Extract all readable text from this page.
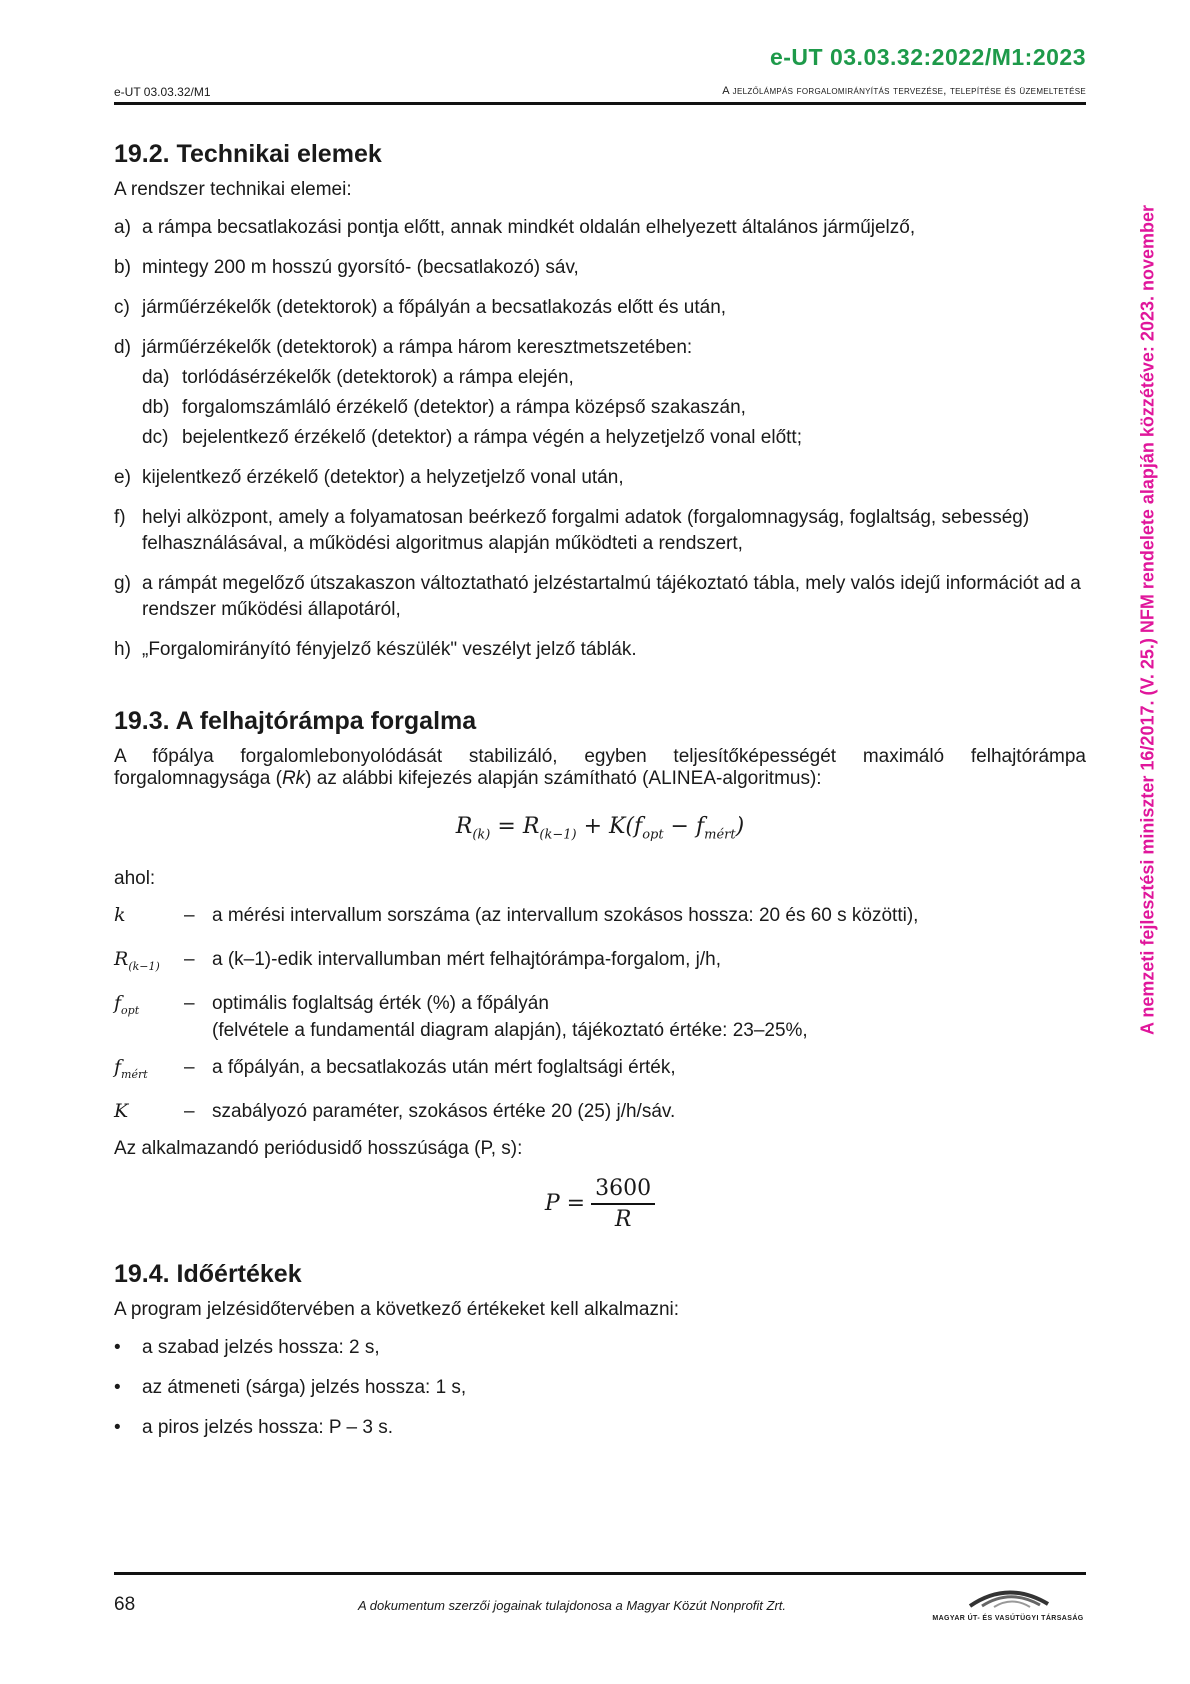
e-UT 03.03.32:2022/M1:2023
e-UT 03.03.32/M1	A jelzőlámpás forgalomirányítás tervezése, telepítése és üzemeltetése
A nemzeti fejlesztési miniszter 16/2017. (V. 25.) NFM rendelete alapján közzétéve: 2023. november
19.2. Technikai elemek

A rendszer technikai elemei:

a) a rámpa becsatlakozási pontja előtt, annak mindkét oldalán elhelyezett általános járműjelző,
b) mintegy 200 m hosszú gyorsító- (becsatlakozó) sáv,
c) járműérzékelők (detektorok) a főpályán a becsatlakozás előtt és után,
d) járműérzékelők (detektorok) a rámpa három keresztmetszetében:
da) torlódásérzékelők (detektorok) a rámpa elején,
db) forgalomszámláló érzékelő (detektor) a rámpa középső szakaszán,
dc) bejelentkező érzékelő (detektor) a rámpa végén a helyzetjelző vonal előtt;
e) kijelentkező érzékelő (detektor) a helyzetjelző vonal után,
f) helyi alközpont, amely a folyamatosan beérkező forgalmi adatok (forgalomnagyság, foglaltság, sebesség) felhasználásával, a működési algoritmus alapján működteti a rendszert,
g) a rámpát megelőző útszakaszon változtatható jelzéstartalmú tájékoztató tábla, mely valós idejű információt ad a rendszer működési állapotáról,
h) „Forgalomirányító fényjelző készülék" veszélyt jelző táblák.
19.3. A felhajtórámpa forgalma

A főpálya forgalomlebonyolódását stabilizáló, egyben teljesítőképességét maximáló felhajtórámpa forgalomnagysága (Rk) az alábbi kifejezés alapján számítható (ALINEA-algoritmus):

$R_{(k)} = R_{(k-1)} + K(f_{opt} - f_{mért})$

ahol:

k	– a mérési intervallum sorszáma (az intervallum szokásos hossza: 20 és 60 s közötti),
$R_{(k-1)}$	– a (k–1)-edik intervallumban mért felhajtórámpa-forgalom, j/h,
$f_{opt}$	– optimális foglaltság érték (%) a főpályán
(felvétele a fundamentál diagram alapján), tájékoztató értéke: 23–25%,
$f_{mért}$	– a főpályán, a becsatlakozás után mért foglaltsági érték,
K	– szabályozó paraméter, szokásos értéke 20 (25) j/h/sáv.

Az alkalmazandó periódusidő hosszúsága (P, s):

$P = \frac{3600}{R}$
19.4. Időértékek

A program jelzésidőtervében a következő értékeket kell alkalmazni:

•	a szabad jelzés hossza: 2 s,
•	az átmeneti (sárga) jelzés hossza: 1 s,
•	a piros jelzés hossza: P – 3 s.
68	A dokumentum szerzői jogainak tulajdonosa a Magyar Közút Nonprofit Zrt.
MAGYAR ÚT- ÉS VASÚTÜGYI TÁRSASÁG
